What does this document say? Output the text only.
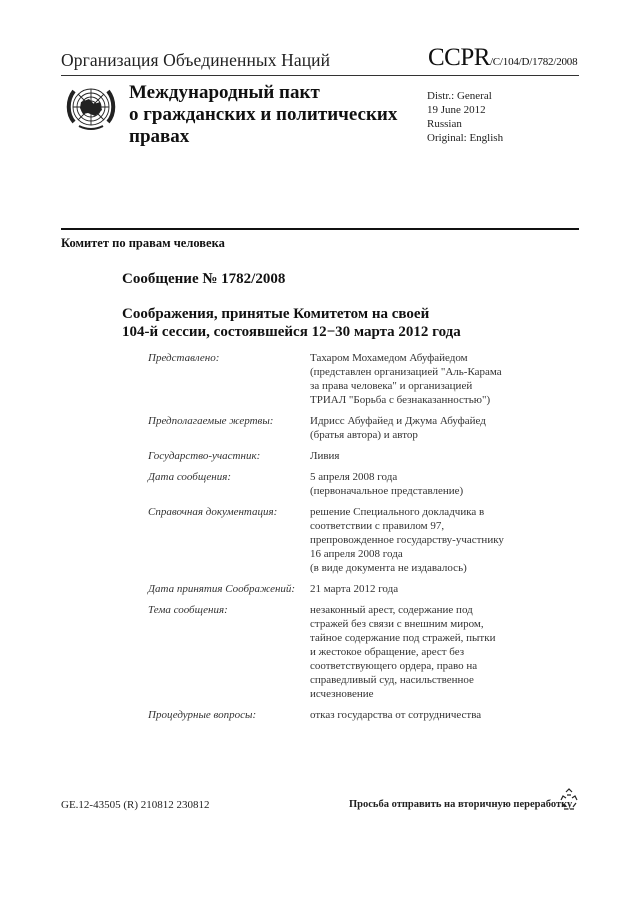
Организация Объединенных Наций	CCPR/C/104/D/1782/2008
Международный пакт
о гражданских и политических
правах
Distr.: General
19 June 2012
Russian
Original: English
Комитет по правам человека
Сообщение № 1782/2008
Соображения, принятые Комитетом на своей
104-й сессии, состоявшейся 12−30 марта 2012 года
Представлено:	Тахаром Мохамедом Абуфайедом
(представлен организацией "Аль-Карама
за права человека" и организацией
ТРИАЛ "Борьба с безнаказанностью")
Предполагаемые жертвы:	Идрисс Абуфайед и Джума Абуфайед
(братья автора) и автор
Государство-участник:	Ливия
Дата сообщения:	5 апреля 2008 года
(первоначальное представление)
Справочная документация:	решение Специального докладчика в
соответствии с правилом 97,
препровожденное государству-участнику
16 апреля 2008 года
(в виде документа не издавалось)
Дата принятия Соображений:	21 марта 2012 года
Тема сообщения:	незаконный арест, содержание под
стражей без связи с внешним миром,
тайное содержание под стражей, пытки
и жестокое обращение, арест без
соответствующего ордера, право на
справедливый суд, насильственное
исчезновение
Процедурные вопросы:	отказ государства от сотрудничества
GE.12-43505 (R) 210812 230812	Просьба отправить на вторичную переработку
